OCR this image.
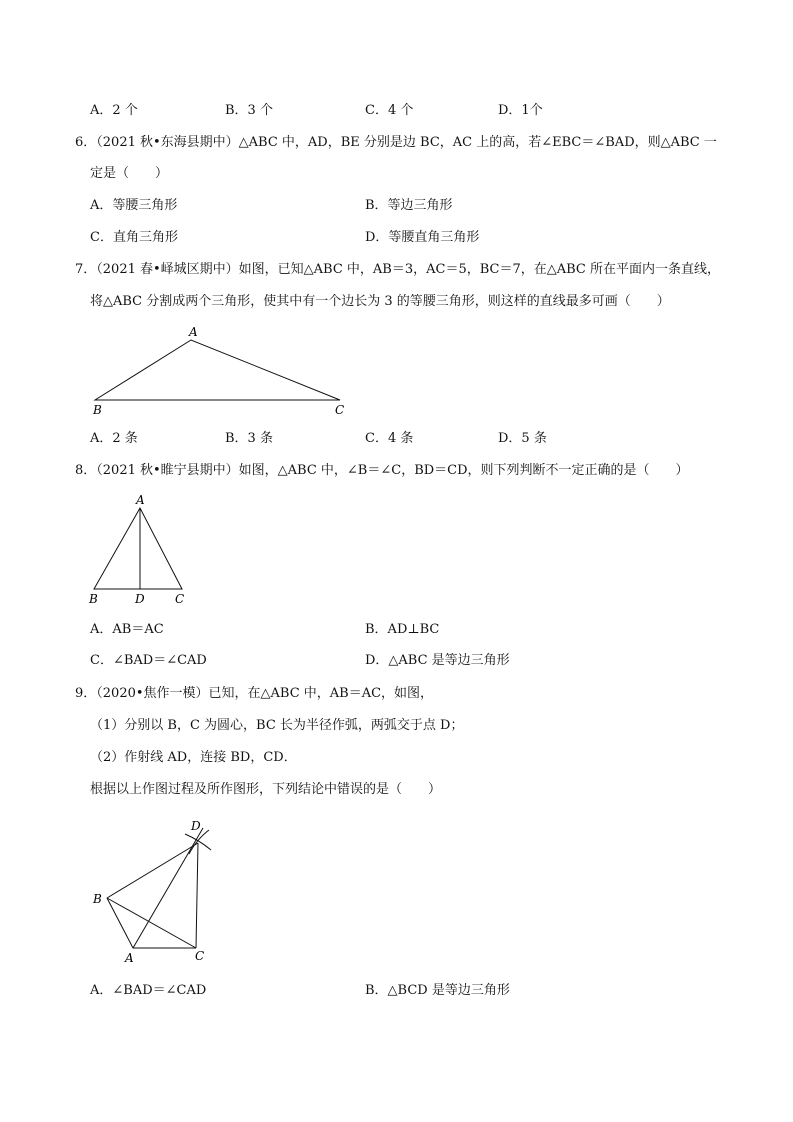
A．2 个	B．3 个	C．4 个	D．1个
6．（2021 秋•东海县期中）△ABC 中，AD，BE 分别是边 BC，AC 上的高，若∠EBC＝∠BAD，则△ABC 一
定是（　　）
A．等腰三角形	B．等边三角形
C．直角三角形	D．等腰直角三角形
7．（2021 春•峄城区期中）如图，已知△ABC 中，AB＝3，AC＝5，BC＝7，在△ABC 所在平面内一条直线，
将△ABC 分割成两个三角形，使其中有一个边长为 3 的等腰三角形，则这样的直线最多可画（　　）
A
B	C
A．2 条	B．3 条	C．4 条	D．5 条
8．（2021 秋•睢宁县期中）如图，△ABC 中，∠B＝∠C，BD＝CD，则下列判断不一定正确的是（　　）
A
B	D	C
A．AB＝AC	B．AD⊥BC
C．∠BAD＝∠CAD	D．△ABC 是等边三角形
9．（2020•焦作一模）已知，在△ABC 中，AB＝AC，如图，
（1）分别以 B，C 为圆心，BC 长为半径作弧，两弧交于点 D；
（2）作射线 AD，连接 BD，CD．
根据以上作图过程及所作图形，下列结论中错误的是（　　）
D
B
C
A
A．∠BAD＝∠CAD	B．△BCD 是等边三角形
